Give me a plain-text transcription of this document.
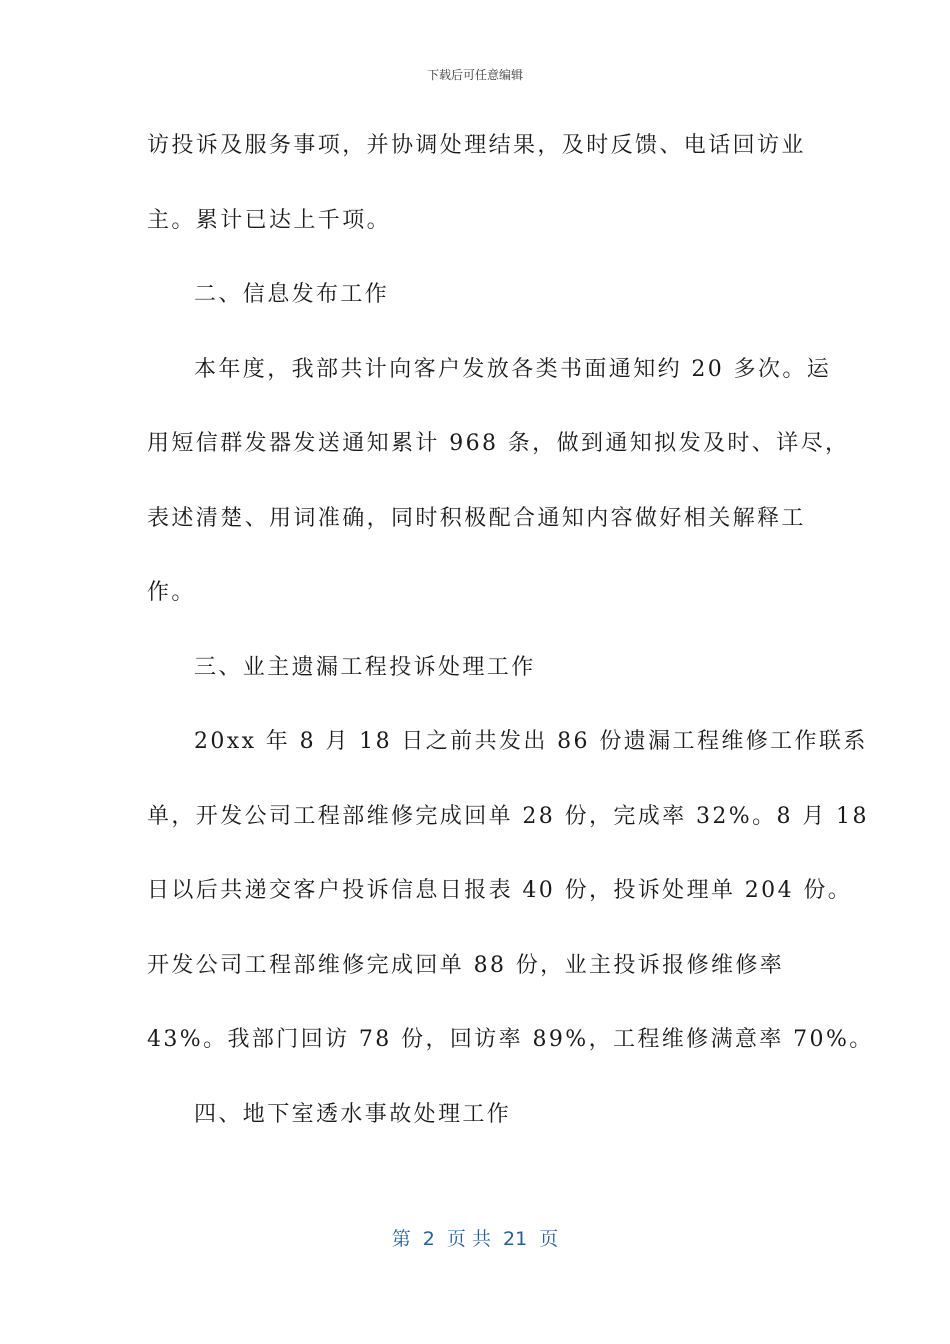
下载后可任意编辑
访投诉及服务事项，并协调处理结果，及时反馈、电话回访业
主。累计已达上千项。
二、信息发布工作
本年度，我部共计向客户发放各类书面通知约 20 多次。运
用短信群发器发送通知累计 968 条，做到通知拟发及时、详尽，
表述清楚、用词准确，同时积极配合通知内容做好相关解释工
作。
三、业主遗漏工程投诉处理工作
20xx 年 8 月 18 日之前共发出 86 份遗漏工程维修工作联系
单，开发公司工程部维修完成回单 28 份，完成率 32%。8 月 18
日以后共递交客户投诉信息日报表 40 份，投诉处理单 204 份。
开发公司工程部维修完成回单 88 份，业主投诉报修维修率
43%。我部门回访 78 份，回访率 89%，工程维修满意率 70%。
四、地下室透水事故处理工作
第  2  页 共  21  页
